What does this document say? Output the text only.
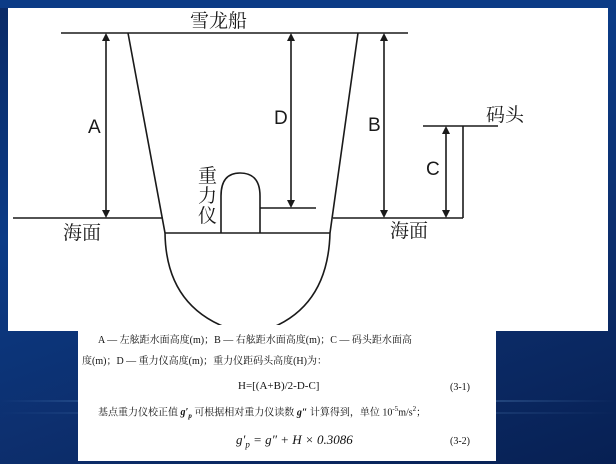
雪龙船
码头
海面	海面
重力仪
A	D	B
C
A — 左舷距水面高度(m)；B — 右舷距水面高度(m)；C — 码头距水面高
度(m)；D — 重力仪高度(m)；重力仪距码头高度(H)为：
H=[(A+B)/2-D-C]	(3-1)
基点重力仪校正值 $g'_p$ 可根据相对重力仪读数 g″ 计算得到，单位 $10^{-5}m/s^2$；
$g'_p = g'' + H \times 0.3086$	(3-2)
